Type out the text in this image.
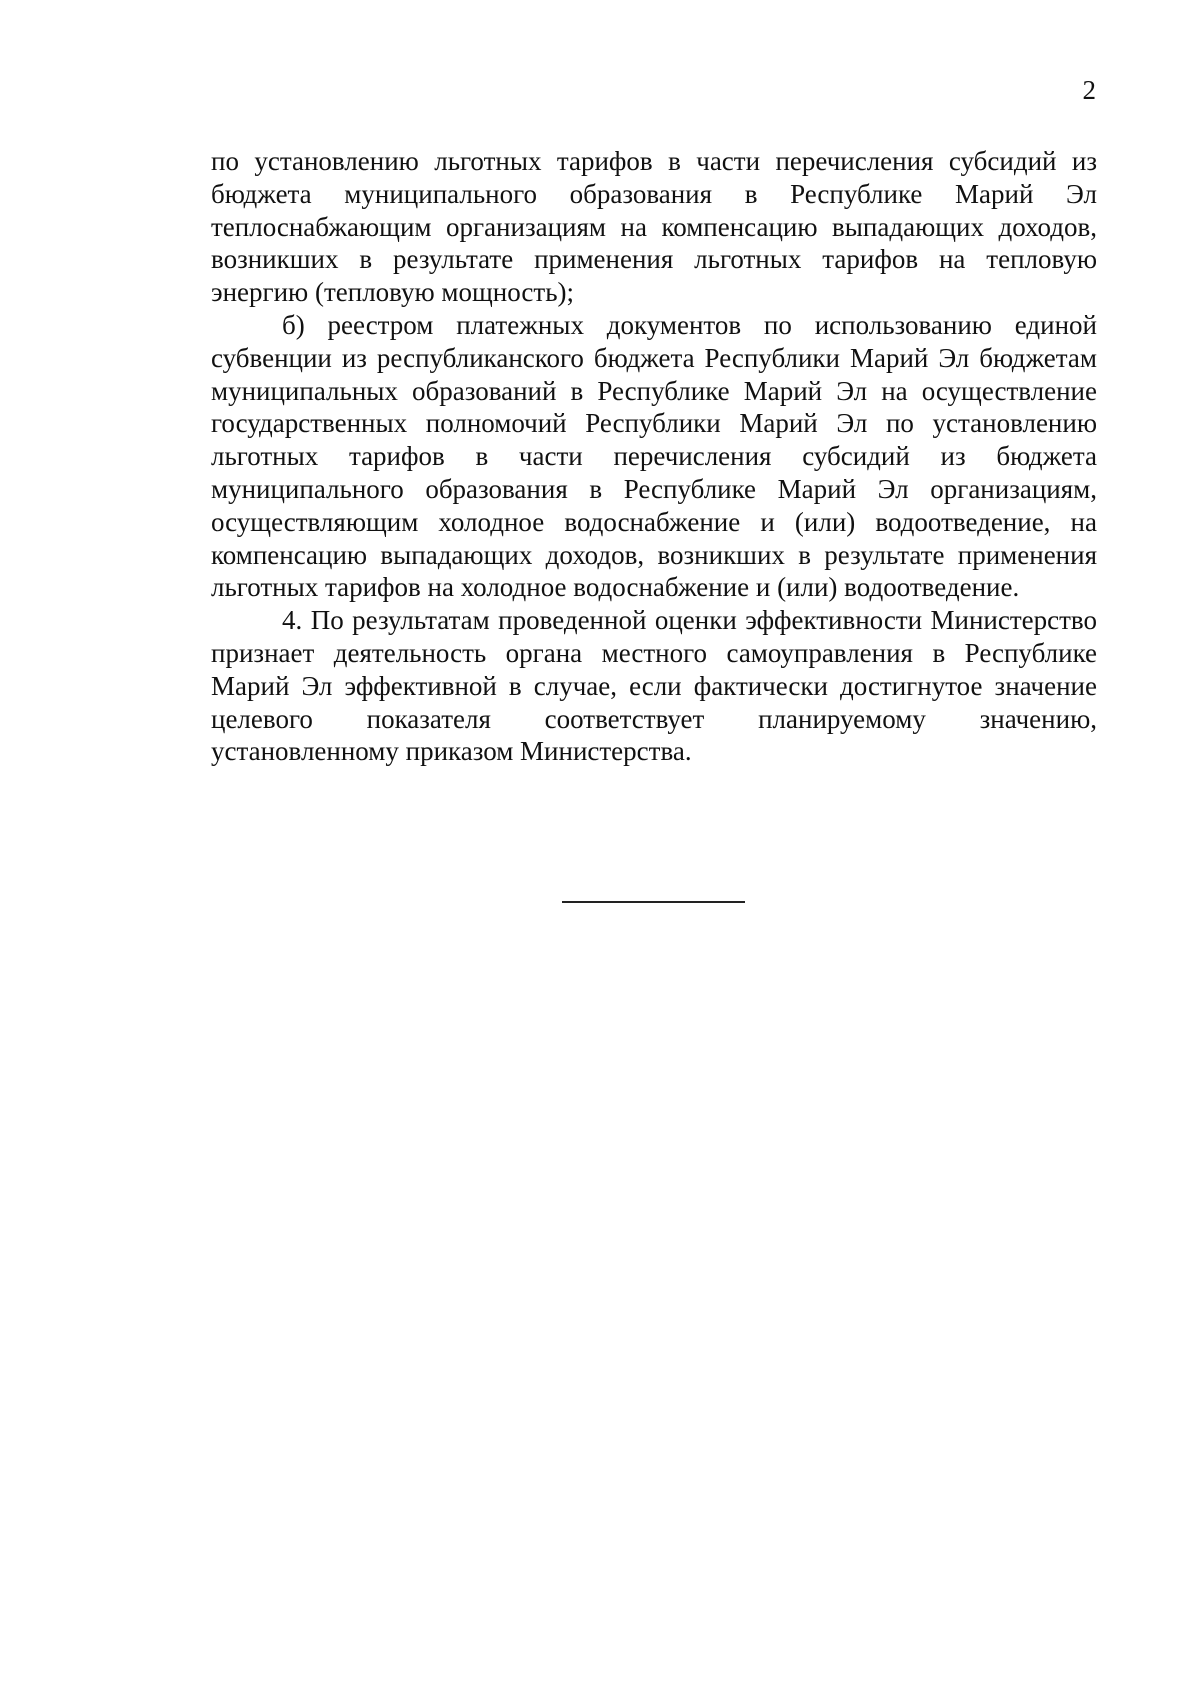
2

по установлению льготных тарифов в части перечисления субсидий из бюджета муниципального образования в Республике Марий Эл теплоснабжающим организациям на компенсацию выпадающих доходов, возникших в результате применения льготных тарифов на тепловую энергию (тепловую мощность);

б) реестром платежных документов по использованию единой субвенции из республиканского бюджета Республики Марий Эл бюджетам муниципальных образований в Республике Марий Эл на осуществление государственных полномочий Республики Марий Эл по установлению льготных тарифов в части перечисления субсидий из бюджета муниципального образования в Республике Марий Эл организациям, осуществляющим холодное водоснабжение и (или) водоотведение, на компенсацию выпадающих доходов, возникших в результате применения льготных тарифов на холодное водоснабжение и (или) водоотведение.

4. По результатам проведенной оценки эффективности Министерство признает деятельность органа местного самоуправления в Республике Марий Эл эффективной в случае, если фактически достигнутое значение целевого показателя соответствует планируемому значению, установленному приказом Министерства.
